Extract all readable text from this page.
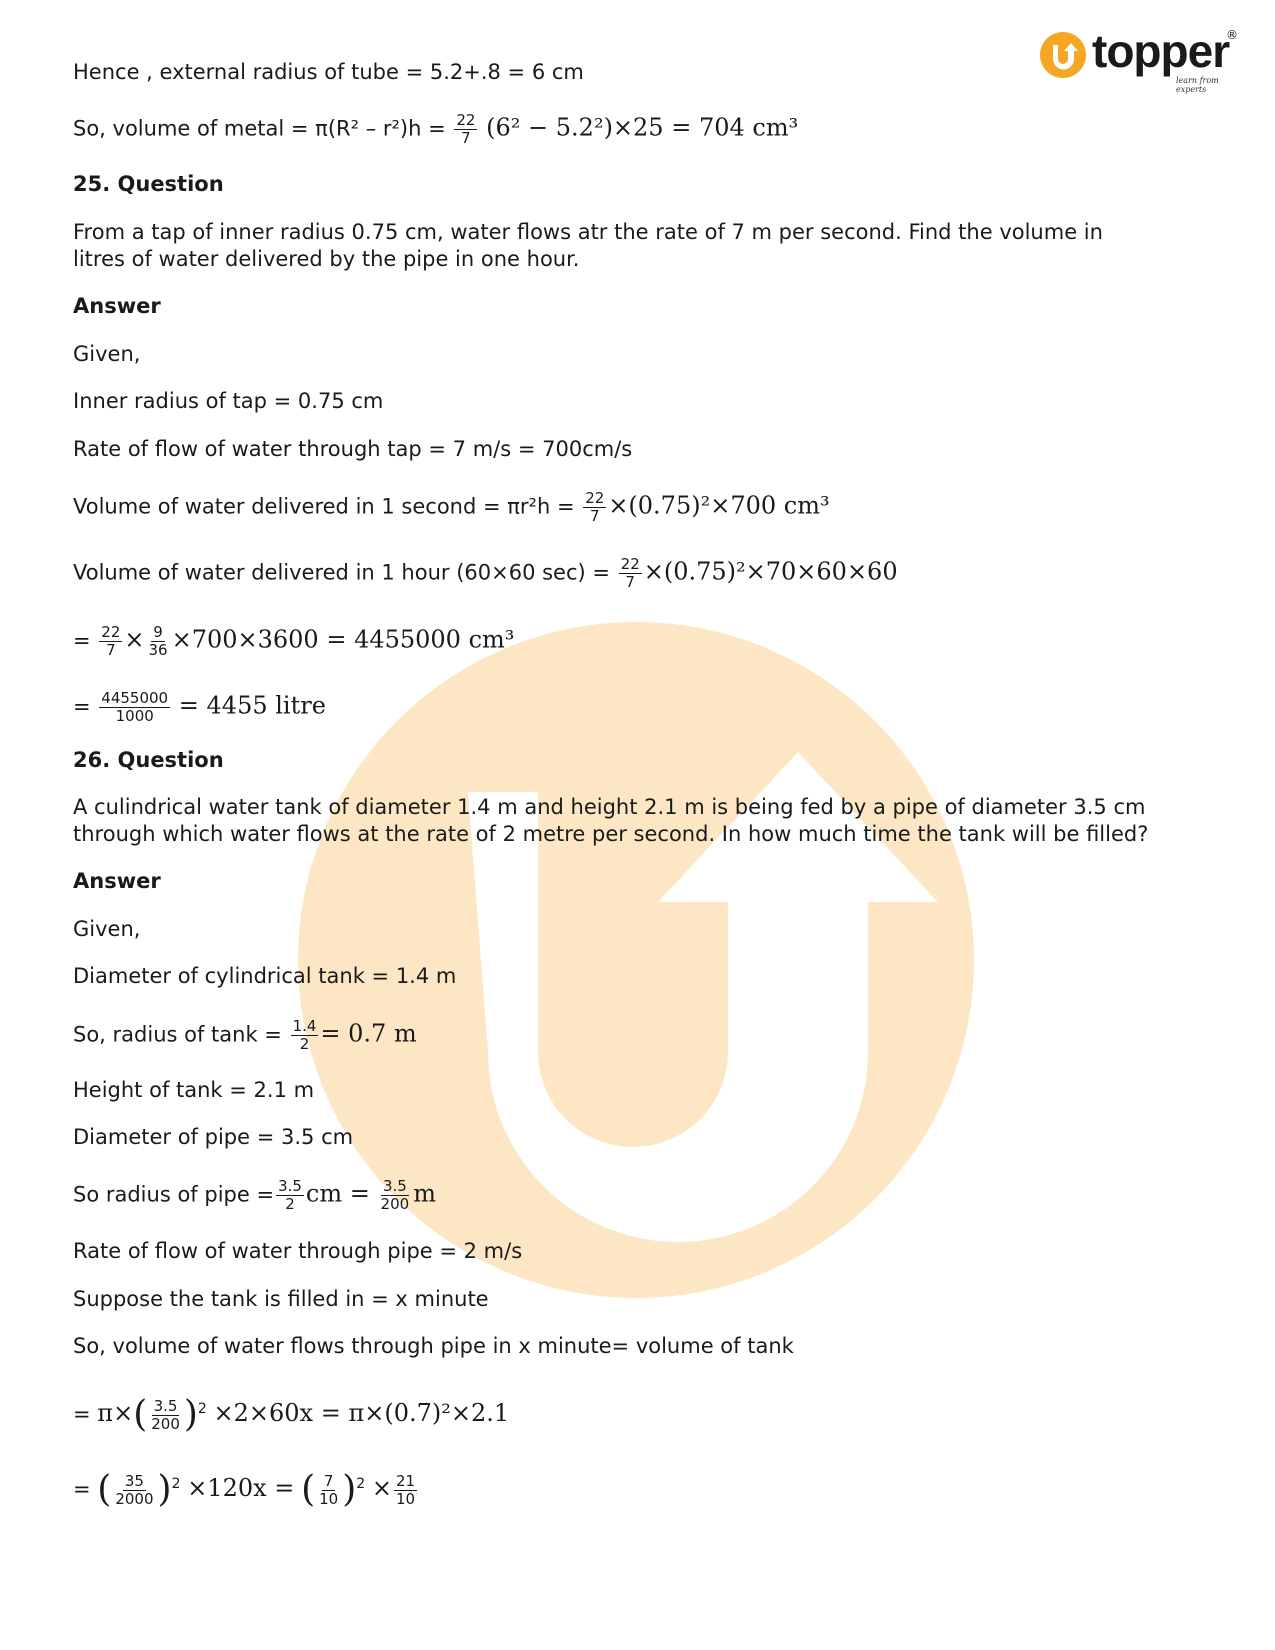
topper
®
learn from experts
Hence , external radius of tube = 5.2+.8 = 6 cm
So, volume of metal = $\pi(R^2 - r^2)h = \frac{22}{7} (6^2 - 5.2^2)\times 25 = 704$ cm³
25. Question
From a tap of inner radius 0.75 cm, water flows atr the rate of 7 m per second. Find the volume in
litres of water delivered by the pipe in one hour.
Answer
Given,
Inner radius of tap = 0.75 cm
Rate of flow of water through tap = 7 m/s = 700cm/s
Volume of water delivered in 1 second = $\pi r^2h = \frac{22}{7} \times(0.75)^2\times 700$ cm³
Volume of water delivered in 1 hour (60×60 $\sec) = \frac{22}{7} \times(0.75)^2\times 70\times 60\times 60$
= $\frac{22}{7} \times \frac{9}{36} \times 700\times 3600 = 4455000$ cm³
= $\frac{4455000}{1000} = 4455$ litre
26. Question
A culindrical water tank of diameter 1.4 m and height 2.1 m is being fed by a pipe of diameter 3.5 cm
through which water flows at the rate of 2 metre per second. In how much time the tank will be filled?
Answer
Given,
Diameter of cylindrical tank = 1.4 m
So, radius of $\tan k = \frac{1.4}{2} = 0.7$ m
Height of tank = 2.1 m
Diameter of pipe = 3.5 cm
So radius of pipe = $\frac{3.5}{2}$ cm = $\frac{3.5}{200}$ m
Rate of flow of water through pipe = 2 m/s
Suppose the tank is filled in = x minute
So, volume of water flows through pipe in x minute= volume of tank
= $\pi\times( \frac{3.5}{200} )^2 \times 2\times 60x = \pi\times(0.7)^2\times 2.1$
= ( $\frac{35}{2000} )^2 \times 120x$ = ( $\frac{7}{10} )^2 \times \frac{21}{10}$
